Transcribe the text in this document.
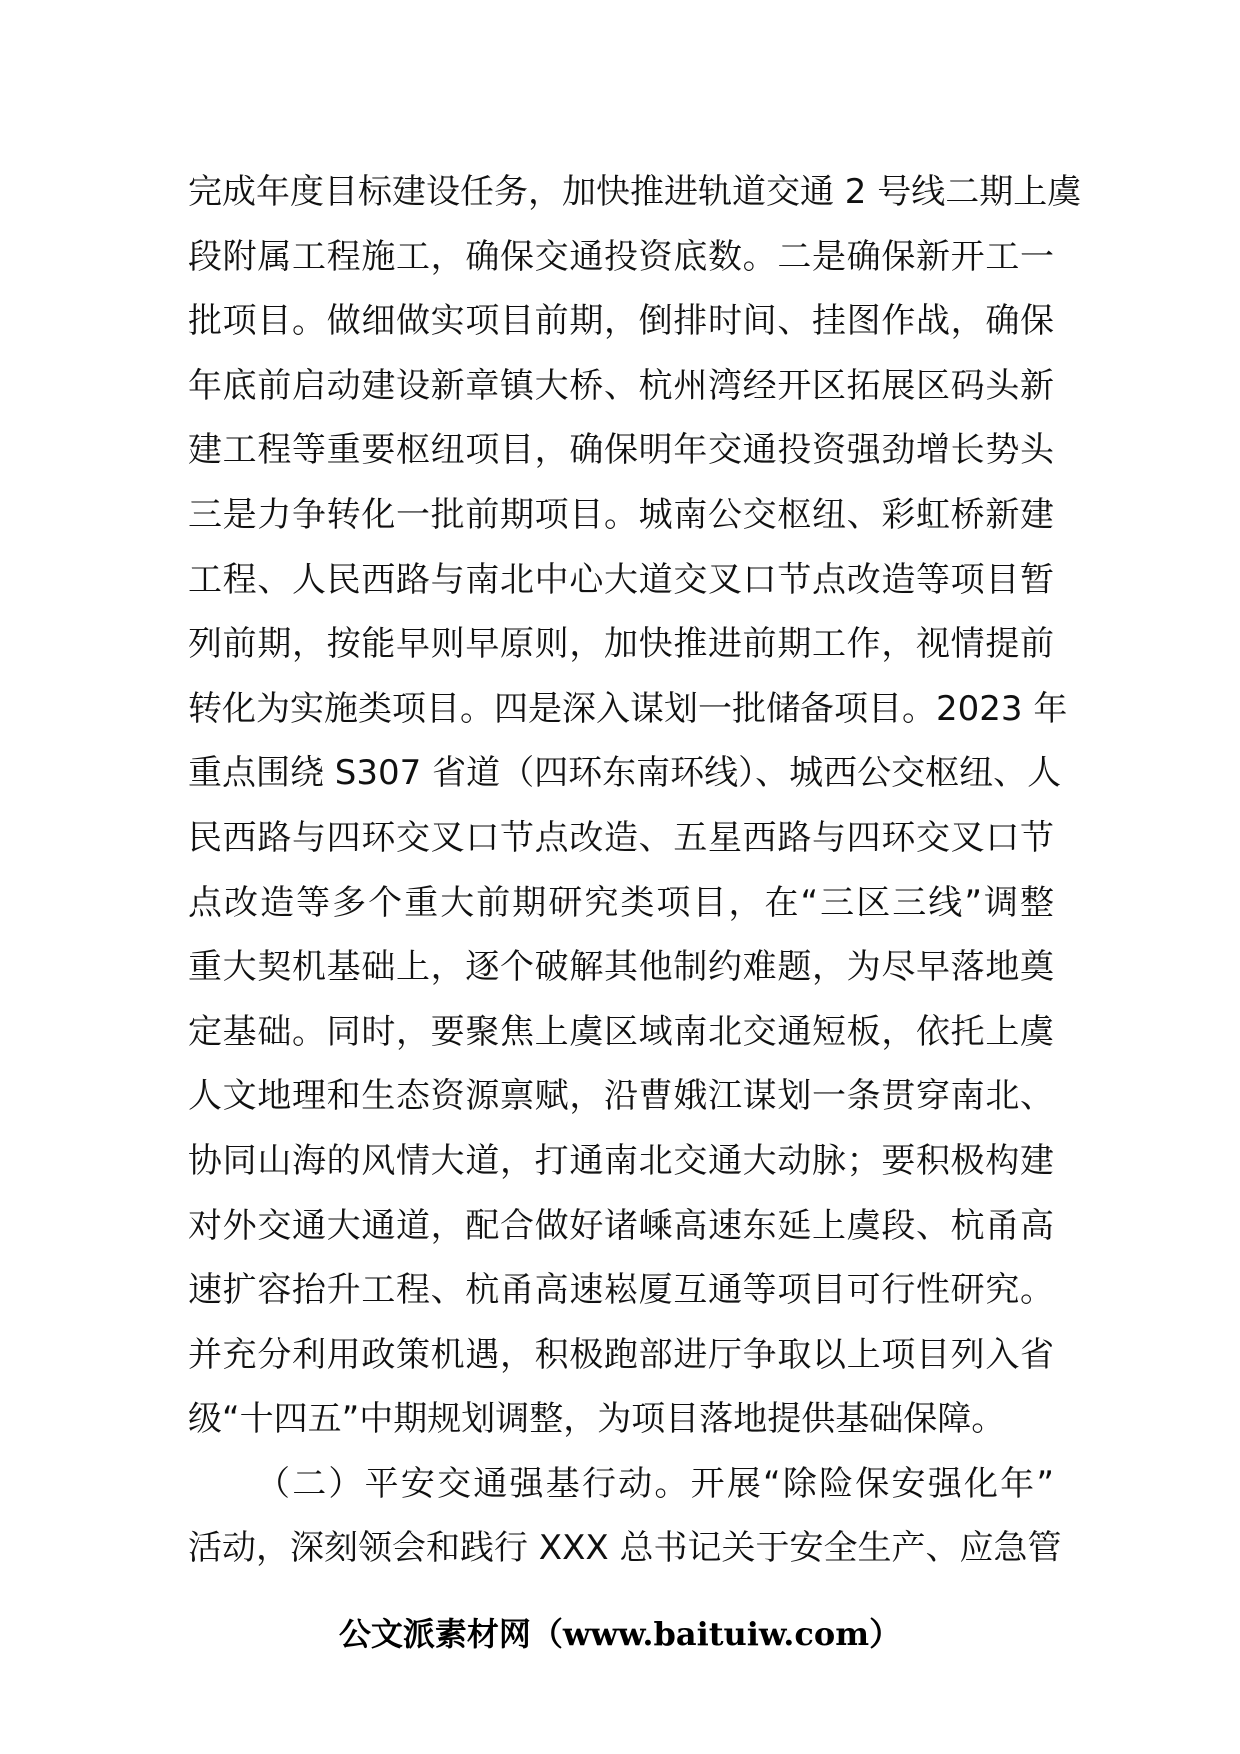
完成年度目标建设任务，加快推进轨道交通 2 号线二期上虞
段附属工程施工，确保交通投资底数。二是确保新开工一
批项目。做细做实项目前期，倒排时间、挂图作战，确保
年底前启动建设新章镇大桥、杭州湾经开区拓展区码头新
建工程等重要枢纽项目，确保明年交通投资强劲增长势头
三是力争转化一批前期项目。城南公交枢纽、彩虹桥新建
工程、人民西路与南北中心大道交叉口节点改造等项目暂
列前期，按能早则早原则，加快推进前期工作，视情提前
转化为实施类项目。四是深入谋划一批储备项目。2023 年
重点围绕 S307 省道（四环东南环线）、城西公交枢纽、人
民西路与四环交叉口节点改造、五星西路与四环交叉口节
点改造等多个重大前期研究类项目，在“三区三线”调整
重大契机基础上，逐个破解其他制约难题，为尽早落地奠
定基础。同时，要聚焦上虞区域南北交通短板，依托上虞
人文地理和生态资源禀赋，沿曹娥江谋划一条贯穿南北、
协同山海的风情大道，打通南北交通大动脉；要积极构建
对外交通大通道，配合做好诸嵊高速东延上虞段、杭甬高
速扩容抬升工程、杭甬高速崧厦互通等项目可行性研究。
并充分利用政策机遇，积极跑部进厅争取以上项目列入省
级“十四五”中期规划调整，为项目落地提供基础保障。
（二）平安交通强基行动。开展“除险保安强化年”
活动，深刻领会和践行 XXX 总书记关于安全生产、应急管
公文派素材网（www.baituiw.com）
